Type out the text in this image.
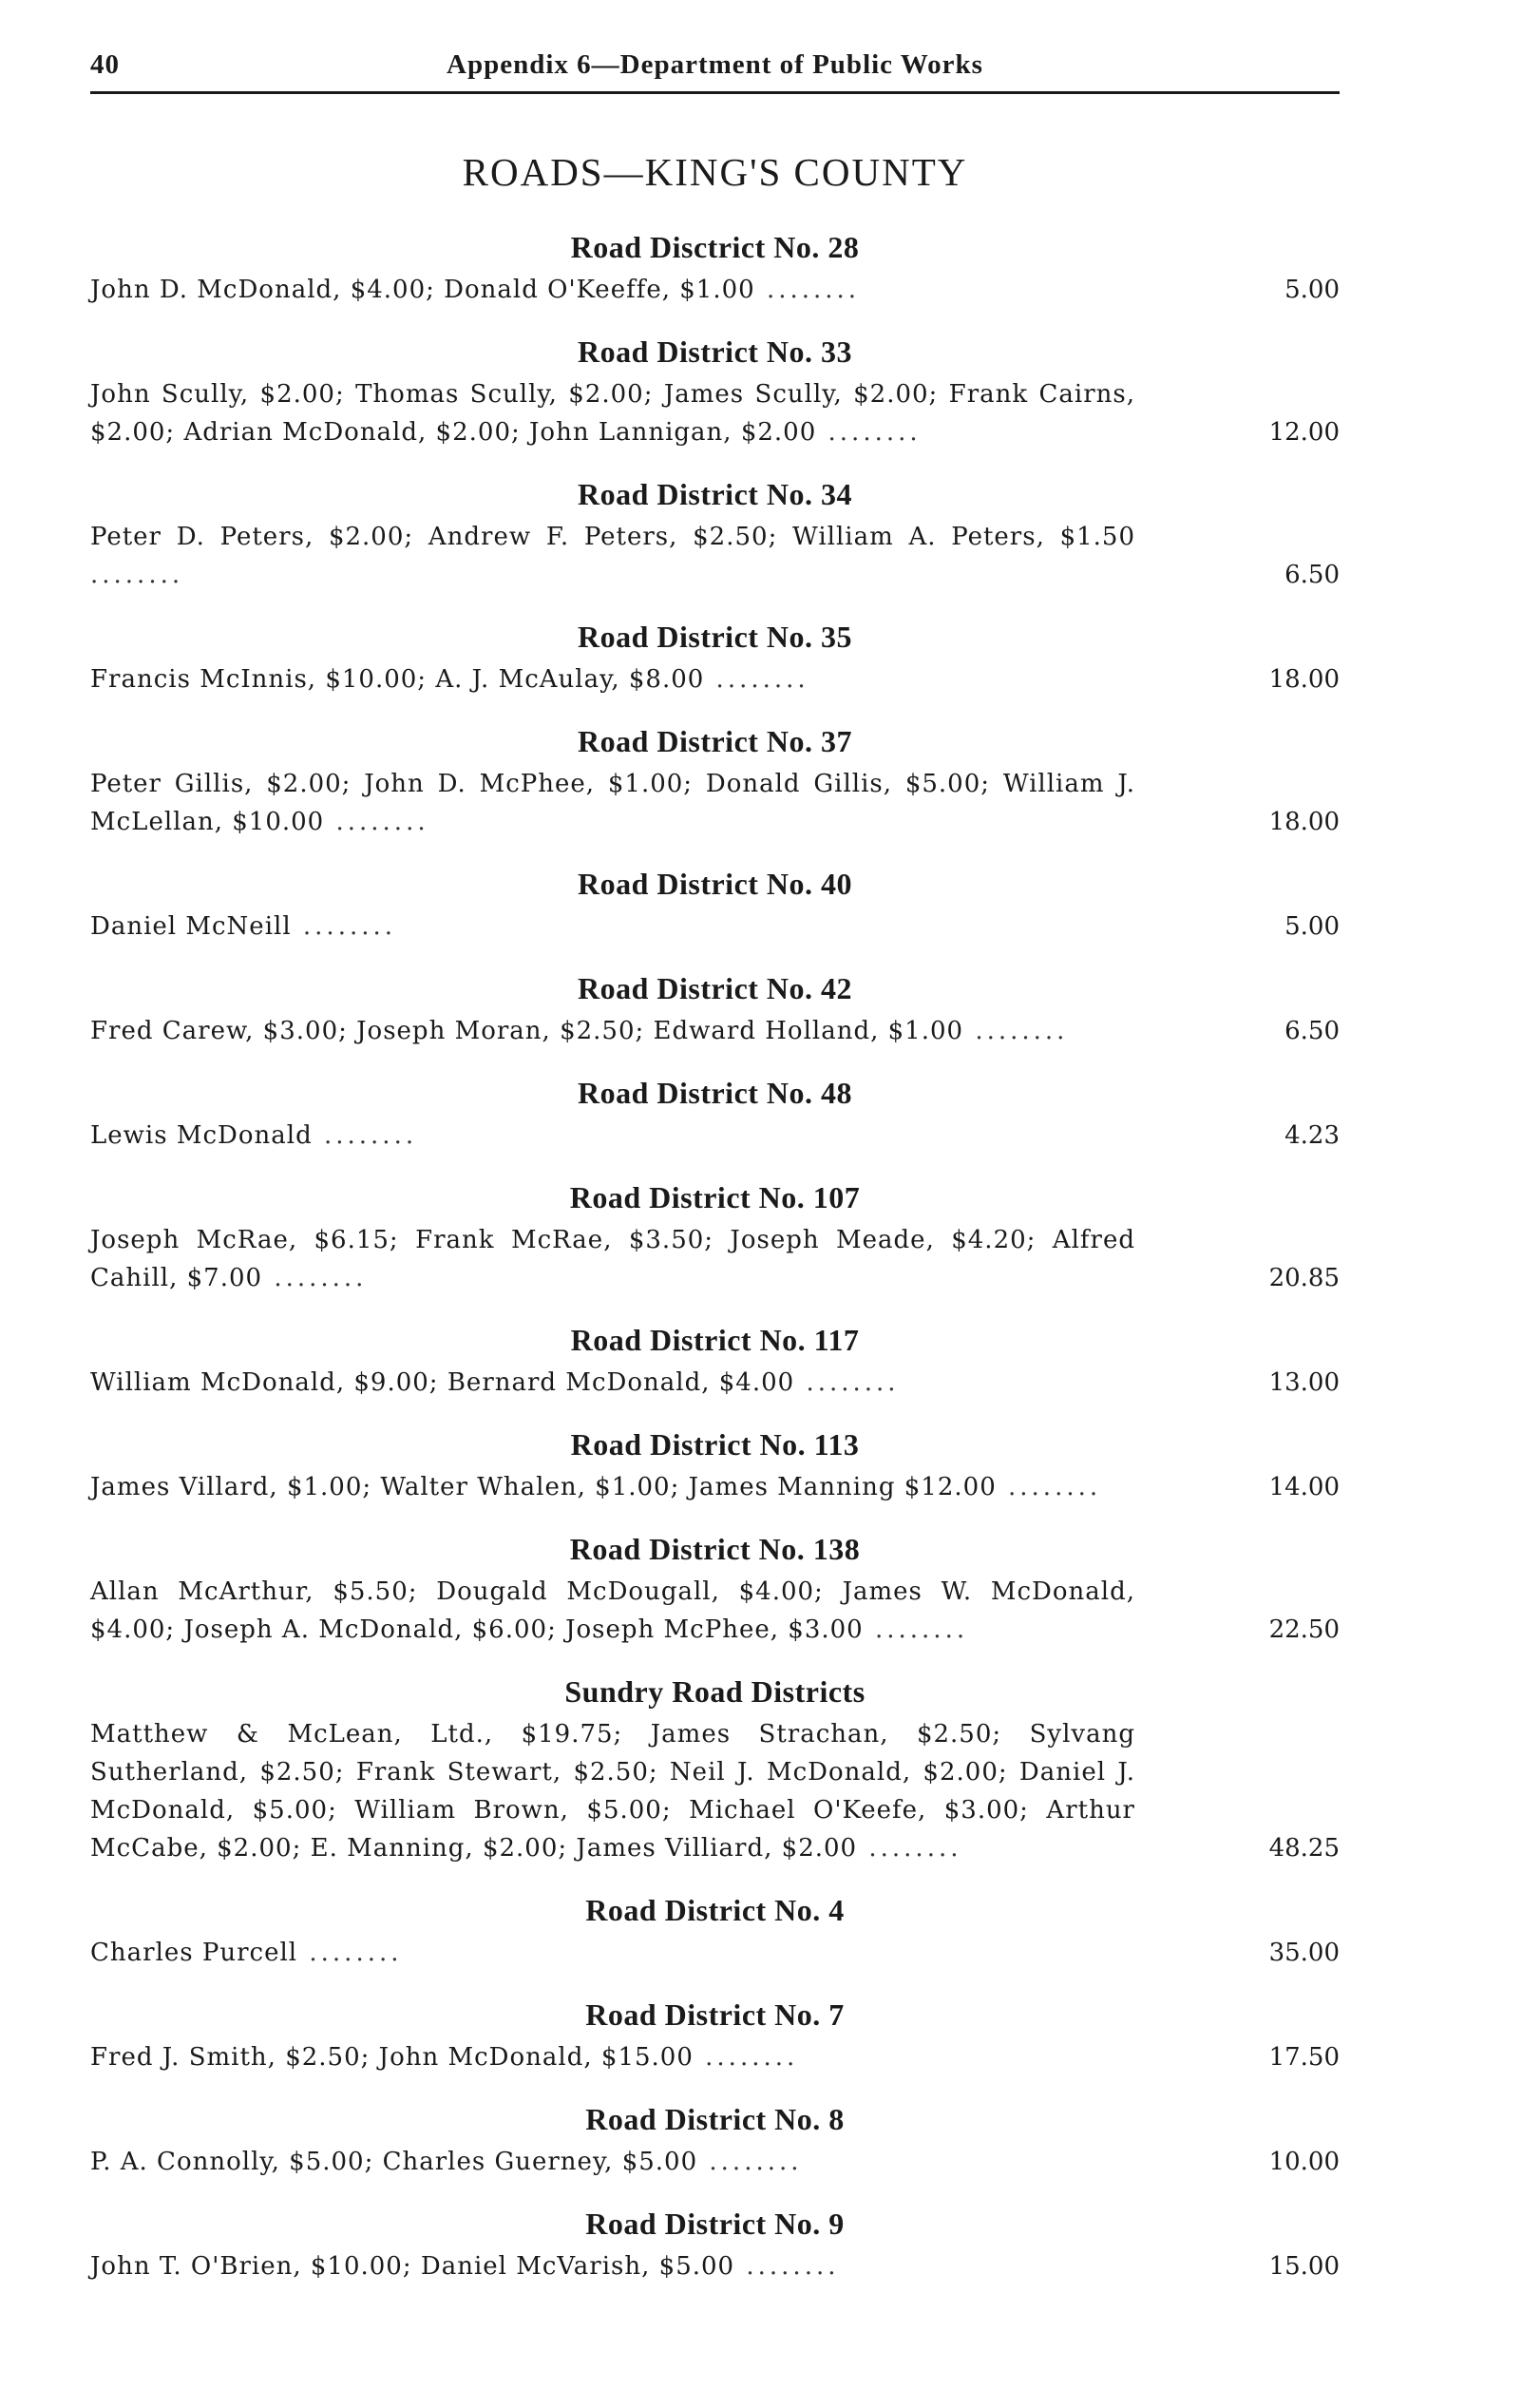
40	Appendix 6—Department of Public Works
ROADS—KING'S COUNTY
Road Disctrict No. 28
John D. McDonald, $4.00; Donald O'Keeffe, $1.00 ........	5.00
Road District No. 33
John Scully, $2.00; Thomas Scully, $2.00; James Scully, $2.00; Frank Cairns, $2.00; Adrian McDonald, $2.00; John Lannigan, $2.00 ........	12.00
Road District No. 34
Peter D. Peters, $2.00; Andrew F. Peters, $2.50; William A. Peters, $1.50 ........	6.50
Road District No. 35
Francis McInnis, $10.00; A. J. McAulay, $8.00 ........	18.00
Road District No. 37
Peter Gillis, $2.00; John D. McPhee, $1.00; Donald Gillis, $5.00; William J. McLellan, $10.00 ........	18.00
Road District No. 40
Daniel McNeill ........	5.00
Road District No. 42
Fred Carew, $3.00; Joseph Moran, $2.50; Edward Holland, $1.00 ........	6.50
Road District No. 48
Lewis McDonald ........	4.23
Road District No. 107
Joseph McRae, $6.15; Frank McRae, $3.50; Joseph Meade, $4.20; Alfred Cahill, $7.00 ........	20.85
Road District No. 117
William McDonald, $9.00; Bernard McDonald, $4.00 ........	13.00
Road District No. 113
James Villard, $1.00; Walter Whalen, $1.00; James Manning $12.00 ........	14.00
Road District No. 138
Allan McArthur, $5.50; Dougald McDougall, $4.00; James W. McDonald, $4.00; Joseph A. McDonald, $6.00; Joseph McPhee, $3.00 ........	22.50
Sundry Road Districts
Matthew & McLean, Ltd., $19.75; James Strachan, $2.50; Sylvang Sutherland, $2.50; Frank Stewart, $2.50; Neil J. McDonald, $2.00; Daniel J. McDonald, $5.00; William Brown, $5.00; Michael O'Keefe, $3.00; Arthur McCabe, $2.00; E. Manning, $2.00; James Villiard, $2.00 ........	48.25
Road District No. 4
Charles Purcell ........	35.00
Road District No. 7
Fred J. Smith, $2.50; John McDonald, $15.00 ........	17.50
Road District No. 8
P. A. Connolly, $5.00; Charles Guerney, $5.00 ........	10.00
Road District No. 9
John T. O'Brien, $10.00; Daniel McVarish, $5.00 ........	15.00
